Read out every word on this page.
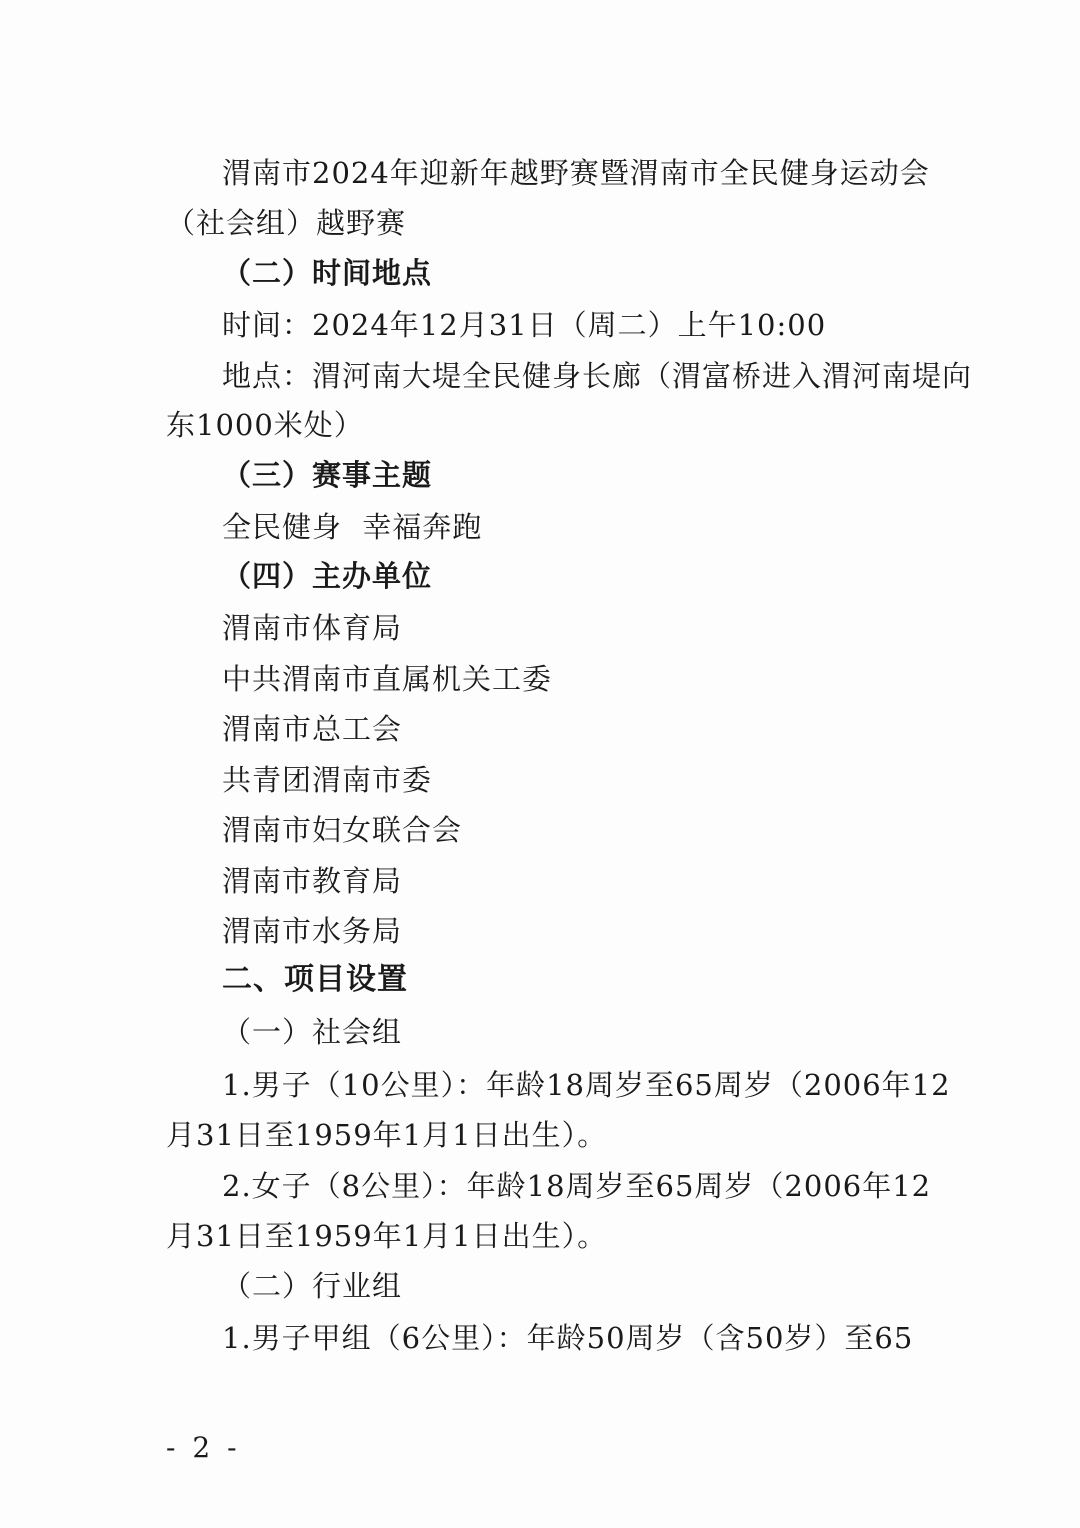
渭南市2024年迎新年越野赛暨渭南市全民健身运动会
（社会组）越野赛
（二）时间地点
时间：2024年12月31日（周二）上午10:00
地点：渭河南大堤全民健身长廊（渭富桥进入渭河南堤向
东1000米处）
（三）赛事主题
全民健身  幸福奔跑
（四）主办单位
渭南市体育局
中共渭南市直属机关工委
渭南市总工会
共青团渭南市委
渭南市妇女联合会
渭南市教育局
渭南市水务局
二、项目设置
（一）社会组
1.男子（10公里）：年龄18周岁至65周岁（2006年12
月31日至1959年1月1日出生）。
2.女子（8公里）：年龄18周岁至65周岁（2006年12
月31日至1959年1月1日出生）。
（二）行业组
1.男子甲组（6公里）：年龄50周岁（含50岁）至65
- 2 -
